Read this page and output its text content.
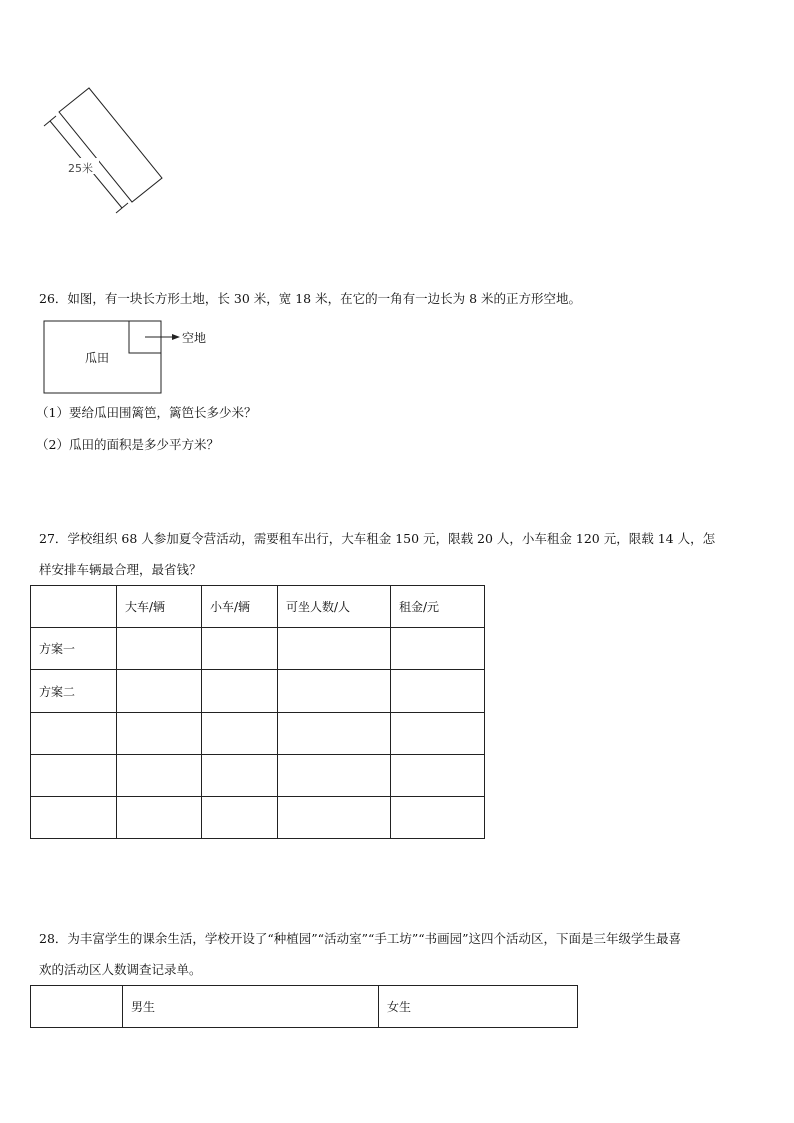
25米
26．如图，有一块长方形土地，长 30 米，宽 18 米，在它的一角有一边长为 8 米的正方形空地。
瓜田
空地
（1）要给瓜田围篱笆，篱笆长多少米？
（2）瓜田的面积是多少平方米？
27．学校组织 68 人参加夏令营活动，需要租车出行，大车租金 150 元，限载 20 人，小车租金 120 元，限载 14 人，怎
样安排车辆最合理，最省钱？
	大车/辆	小车/辆	可坐人数/人	租金/元
方案一				
方案二				

28．为丰富学生的课余生活，学校开设了“种植园”“活动室”“手工坊”“书画园”这四个活动区，下面是三年级学生最喜
欢的活动区人数调查记录单。
	男生	女生
